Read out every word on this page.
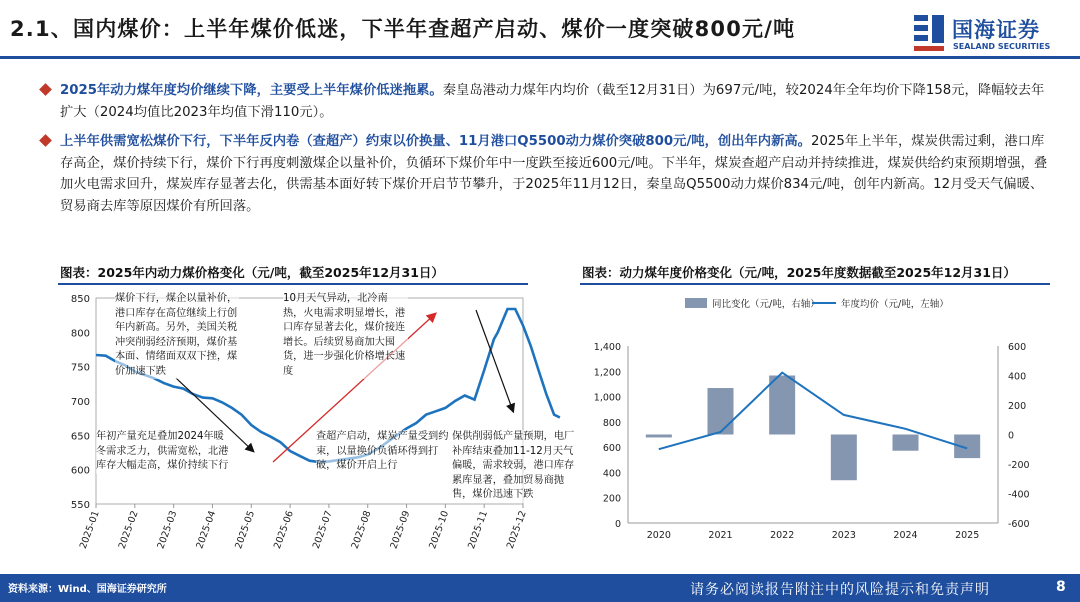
2.1、国内煤价：上半年煤价低迷，下半年查超产启动、煤价一度突破800元/吨	国海证券
SEALAND SECURITIES
2025年动力煤年度均价继续下降，主要受上半年煤价低迷拖累。秦皇岛港动力煤年内均价（截至12月31日）为697元/吨，较2024年全年均价下降158元，降幅较去年扩大（2024均值比2023年均值下滑110元）。
上半年供需宽松煤价下行，下半年反内卷（查超产）约束以价换量、11月港口Q5500动力煤价突破800元/吨，创出年内新高。2025年上半年，煤炭供需过剩，港口库存高企，煤价持续下行，煤价下行再度刺激煤企以量补价，负循环下煤价年中一度跌至接近600元/吨。下半年，煤炭查超产启动并持续推进，煤炭供给约束预期增强，叠加火电需求回升，煤炭库存显著去化，供需基本面好转下煤价开启节节攀升，于2025年11月12日，秦皇岛Q5500动力煤价834元/吨，创年内新高。12月受天气偏暖、贸易商去库等原因煤价有所回落。
图表：2025年内动力煤价格变化（元/吨，截至2025年12月31日）	图表：动力煤年度价格变化（元/吨，2025年度数据截至2025年12月31日）
550
600
650
700
750
800
850
2025-01 2025-02 2025-03 2025-04 2025-05 2025-06 2025-07 2025-08 2025-09 2025-10 2025-11 2025-12
煤价下行，煤企以量补价，港口库存在高位继续上行创年内新高。另外，美国关税冲突削弱经济预期，煤价基本面、情绪面双双下挫，煤价加速下跌
10月天气异动，北冷南热，火电需求明显增长，港口库存显著去化，煤价接连增长。后续贸易商加大囤货，进一步强化价格增长速度
年初产量充足叠加2024年暖冬需求乏力，供需宽松，北港库存大幅走高，煤价持续下行
查超产启动，煤炭产量受到约束，以量换价负循环得到打破，煤价开启上行
保供削弱低产量预期，电厂补库结束叠加11-12月天气偏暖，需求较弱，港口库存累库显著，叠加贸易商抛售，煤价迅速下跌
同比变化（元/吨，右轴） 年度均价（元/吨，左轴）
0
200
400
600
800
1,000
1,200
1,400
-600
-400
-200
0
200
400
600
2020	2021	2022	2023	2024	2025
资料来源：Wind、国海证券研究所	请务必阅读报告附注中的风险提示和免责声明	8
